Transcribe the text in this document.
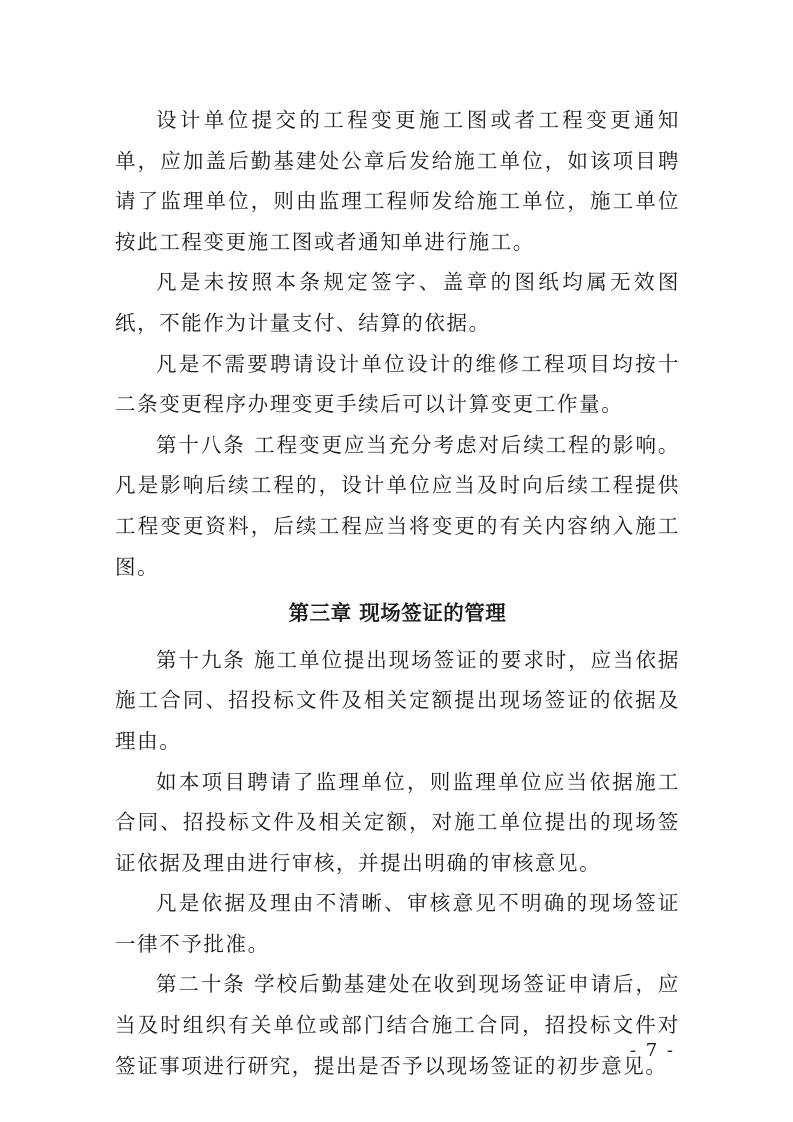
设计单位提交的工程变更施工图或者工程变更通知单，应加盖后勤基建处公章后发给施工单位，如该项目聘请了监理单位，则由监理工程师发给施工单位，施工单位按此工程变更施工图或者通知单进行施工。

凡是未按照本条规定签字、盖章的图纸均属无效图纸，不能作为计量支付、结算的依据。

凡是不需要聘请设计单位设计的维修工程项目均按十二条变更程序办理变更手续后可以计算变更工作量。

第十八条 工程变更应当充分考虑对后续工程的影响。凡是影响后续工程的，设计单位应当及时向后续工程提供工程变更资料，后续工程应当将变更的有关内容纳入施工图。

第三章 现场签证的管理

第十九条 施工单位提出现场签证的要求时，应当依据施工合同、招投标文件及相关定额提出现场签证的依据及理由。

如本项目聘请了监理单位，则监理单位应当依据施工合同、招投标文件及相关定额，对施工单位提出的现场签证依据及理由进行审核，并提出明确的审核意见。

凡是依据及理由不清晰、审核意见不明确的现场签证一律不予批准。

第二十条 学校后勤基建处在收到现场签证申请后，应当及时组织有关单位或部门结合施工合同，招投标文件对签证事项进行研究，提出是否予以现场签证的初步意见。

- 7 -
